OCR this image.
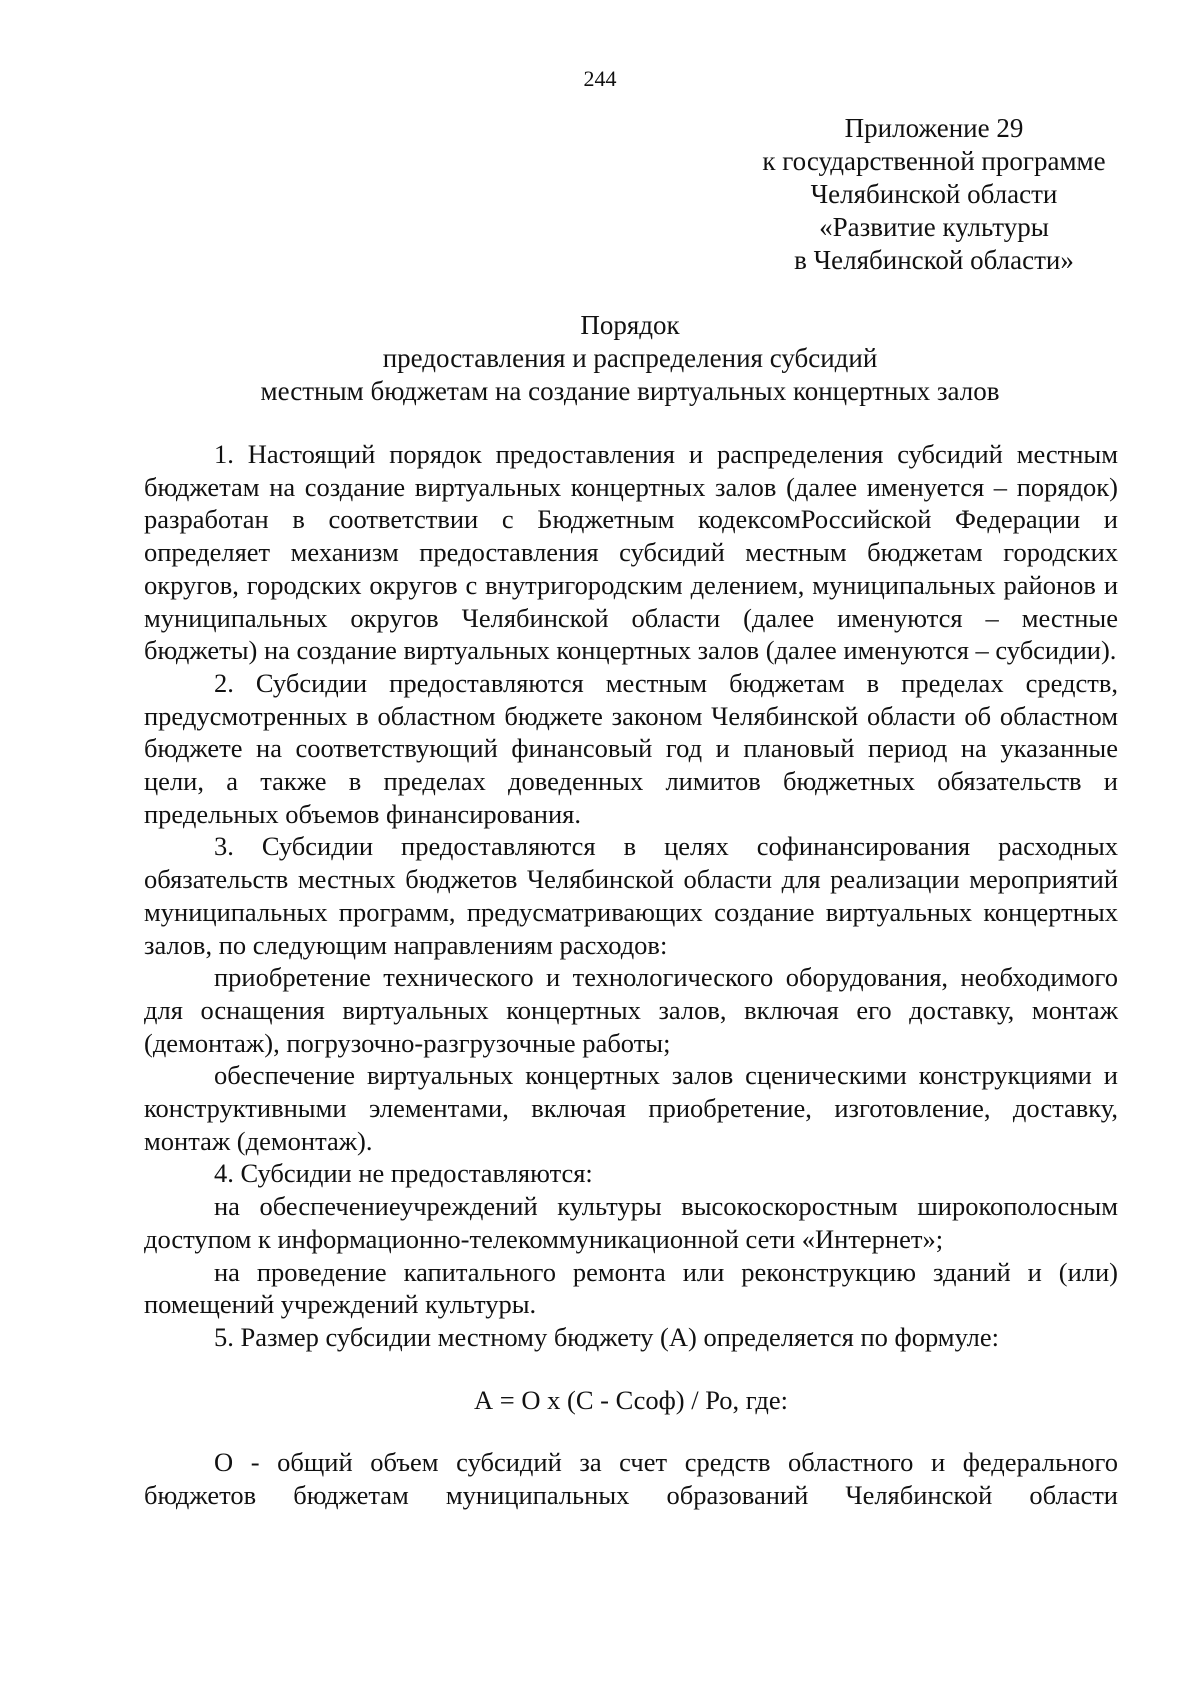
244
Приложение 29
к государственной программе
Челябинской области
«Развитие культуры
в Челябинской области»
Порядок
предоставления и распределения субсидий
местным бюджетам на создание виртуальных концертных залов

1. Настоящий порядок предоставления и распределения субсидий местным бюджетам на создание виртуальных концертных залов (далее именуется – порядок) разработан в соответствии с Бюджетным кодексомРоссийской Федерации и определяет механизм предоставления субсидий местным бюджетам городских округов, городских округов с внутригородским делением, муниципальных районов и муниципальных округов Челябинской области (далее именуются – местные бюджеты) на создание виртуальных концертных залов (далее именуются – субсидии).

2. Субсидии предоставляются местным бюджетам в пределах средств, предусмотренных в областном бюджете законом Челябинской области об областном бюджете на соответствующий финансовый год и плановый период на указанные цели, а также в пределах доведенных лимитов бюджетных обязательств и предельных объемов финансирования.

3. Субсидии предоставляются в целях софинансирования расходных обязательств местных бюджетов Челябинской области для реализации мероприятий муниципальных программ, предусматривающих создание виртуальных концертных залов, по следующим направлениям расходов:

приобретение технического и технологического оборудования, необходимого для оснащения виртуальных концертных залов, включая его доставку, монтаж (демонтаж), погрузочно-разгрузочные работы;

обеспечение виртуальных концертных залов сценическими конструкциями и конструктивными элементами, включая приобретение, изготовление, доставку, монтаж (демонтаж).

4. Субсидии не предоставляются:

на обеспечениеучреждений культуры высокоскоростным широкополосным доступом к информационно-телекоммуникационной сети «Интернет»;

на проведение капитального ремонта или реконструкцию зданий и (или) помещений учреждений культуры.

5. Размер субсидии местному бюджету (А) определяется по формуле:

А = О х (С - Ссоф) / Ро, где:

О - общий объем субсидий за счет средств областного и федерального бюджетов бюджетам муниципальных образований Челябинской области
